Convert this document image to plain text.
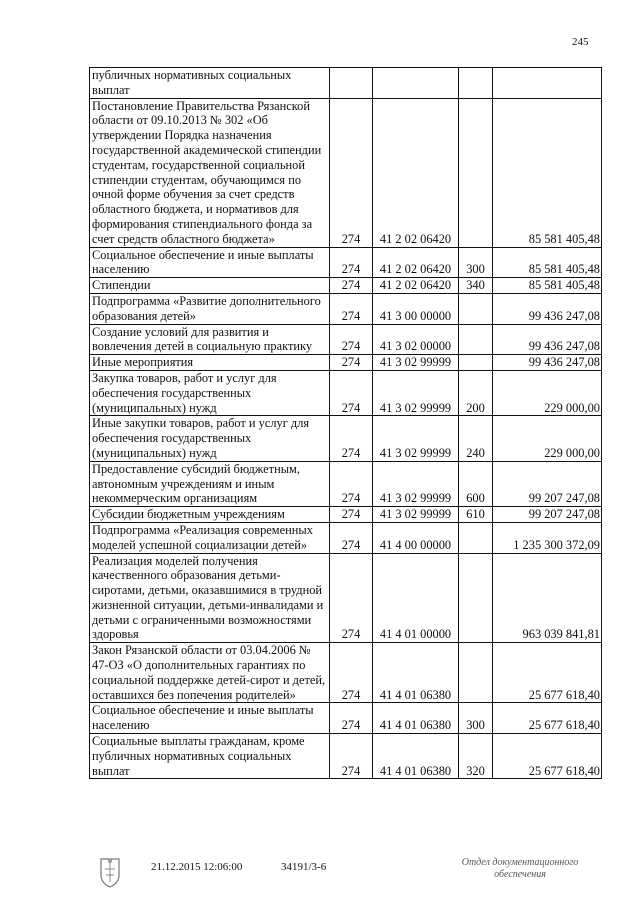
245
публичных нормативных социальных выплат				
Постановление Правительства Рязанской области от 09.10.2013 № 302 «Об утверждении Порядка назначения государственной академической стипендии студентам, государственной социальной стипендии студентам, обучающимся по очной форме обучения за счет средств областного бюджета, и нормативов для формирования стипендиального фонда за счет средств областного бюджета»	274	41 2 02 06420		85 581 405,48
Социальное обеспечение и иные выплаты населению	274	41 2 02 06420	300	85 581 405,48
Стипендии	274	41 2 02 06420	340	85 581 405,48
Подпрограмма «Развитие дополнительного образования детей»	274	41 3 00 00000		99 436 247,08
Создание условий для развития и вовлечения детей в социальную практику	274	41 3 02 00000		99 436 247,08
Иные мероприятия	274	41 3 02 99999		99 436 247,08
Закупка товаров, работ и услуг для обеспечения государственных (муниципальных) нужд	274	41 3 02 99999	200	229 000,00
Иные закупки товаров, работ и услуг для обеспечения государственных (муниципальных) нужд	274	41 3 02 99999	240	229 000,00
Предоставление субсидий бюджетным, автономным учреждениям и иным некоммерческим организациям	274	41 3 02 99999	600	99 207 247,08
Субсидии бюджетным учреждениям	274	41 3 02 99999	610	99 207 247,08
Подпрограмма «Реализация современных моделей успешной социализации детей»	274	41 4 00 00000		1 235 300 372,09
Реализация моделей получения качественного образования детьми-сиротами, детьми, оказавшимися в трудной жизненной ситуации, детьми-инвалидами и детьми с ограниченными возможностями здоровья	274	41 4 01 00000		963 039 841,81
Закон Рязанской области от 03.04.2006 № 47-ОЗ «О дополнительных гарантиях по социальной поддержке детей-сирот и детей, оставшихся без попечения родителей»	274	41 4 01 06380		25 677 618,40
Социальное обеспечение и иные выплаты населению	274	41 4 01 06380	300	25 677 618,40
Социальные выплаты гражданам, кроме публичных нормативных социальных выплат	274	41 4 01 06380	320	25 677 618,40
21.12.2015 12:06:00	34191/3-6	Отдел документационного
обеспечения
